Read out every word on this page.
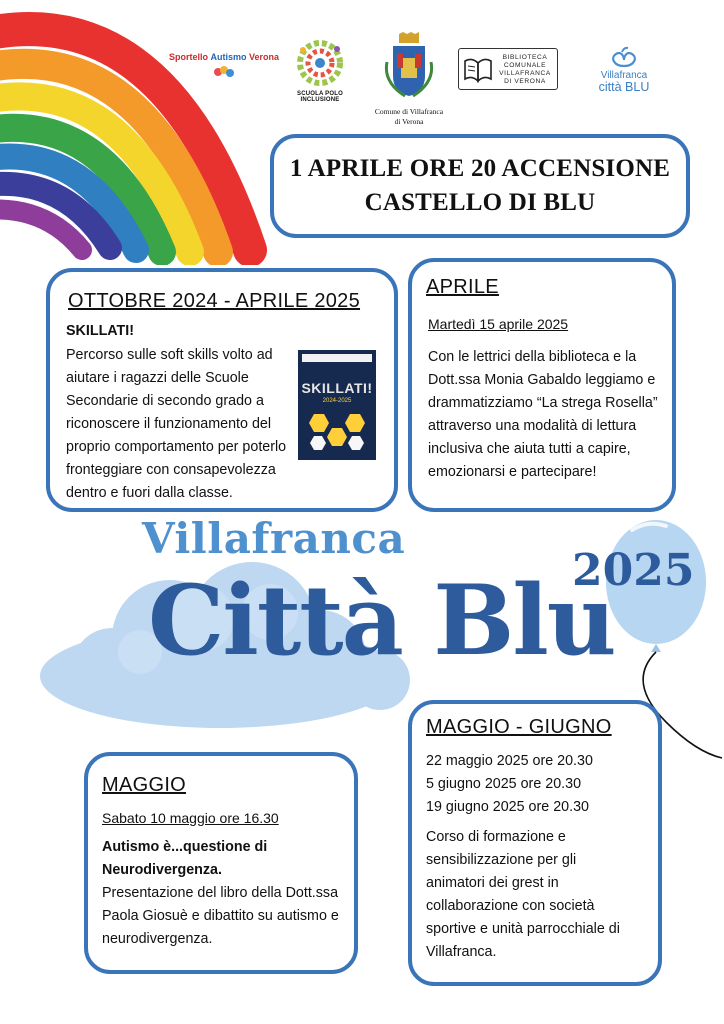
Sportello Autismo Verona
SCUOLA POLO INCLUSIONE
Comune di Villafranca
di Verona
BIBLIOTECA
COMUNALE
VILLAFRANCA
DI VERONA
Villafranca
città BLU
1 APRILE ORE 20 ACCENSIONE
CASTELLO DI BLU
OTTOBRE 2024 - APRILE 2025
SKILLATI!
Percorso sulle soft skills volto ad
aiutare i ragazzi delle Scuole
Secondarie di secondo grado a
riconoscere il funzionamento del
proprio comportamento per poterlo
fronteggiare con consapevolezza
dentro e fuori dalla classe.
SKILLATI!
2024-2025
APRILE
Martedì 15 aprile 2025
Con le lettrici della biblioteca e la
Dott.ssa Monia Gabaldo leggiamo e
drammatizziamo “La strega Rosella”
attraverso una modalità di lettura
inclusiva che aiuta tutti a capire,
emozionarsi e partecipare!
Villafranca
Città Blu
2025
MAGGIO - GIUGNO
22 maggio 2025 ore 20.30
5 giugno 2025 ore 20.30
19 giugno 2025 ore 20.30
Corso di formazione e
sensibilizzazione per gli
animatori dei grest in
collaborazione con società
sportive e unità parrocchiale di
Villafranca.
MAGGIO
Sabato 10 maggio ore 16.30
Autismo è...questione di
Neurodivergenza.
Presentazione del libro della Dott.ssa
Paola Giosuè e dibattito su autismo e
neurodivergenza.
